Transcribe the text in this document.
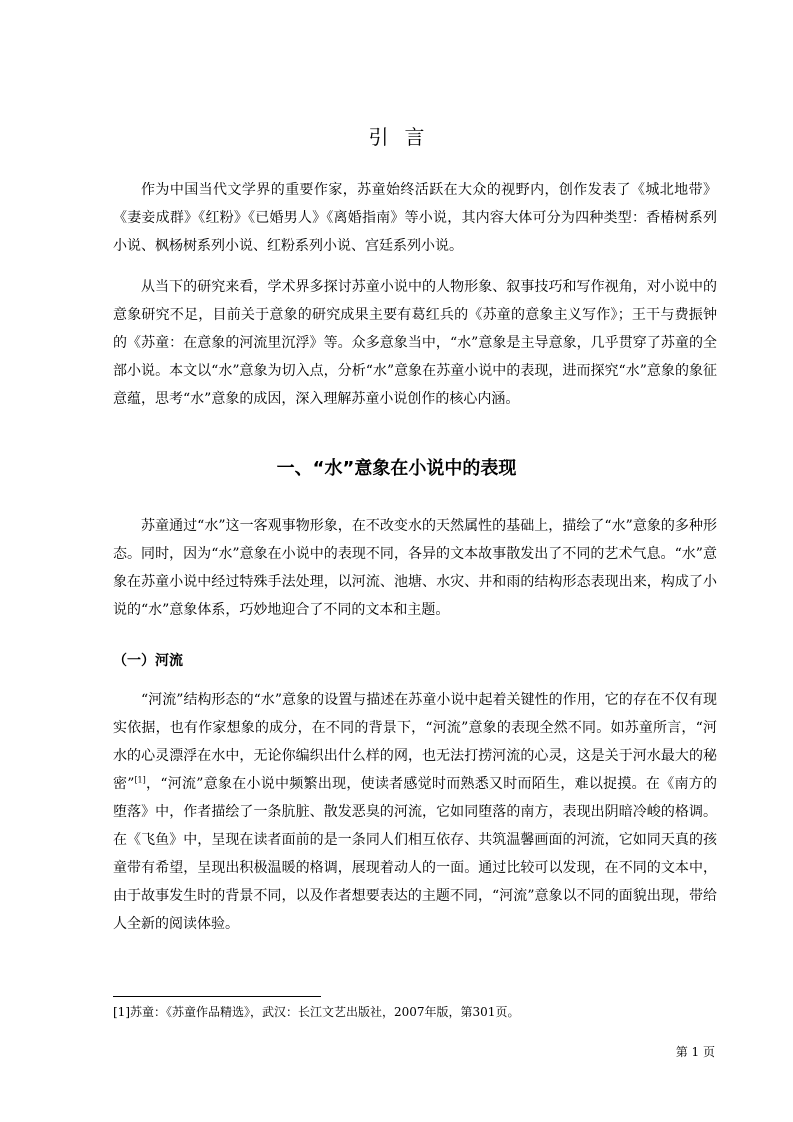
引言

作为中国当代文学界的重要作家，苏童始终活跃在大众的视野内，创作发表了《城北地带》《妻妾成群》《红粉》《已婚男人》《离婚指南》等小说，其内容大体可分为四种类型：香椿树系列小说、枫杨树系列小说、红粉系列小说、宫廷系列小说。

从当下的研究来看，学术界多探讨苏童小说中的人物形象、叙事技巧和写作视角，对小说中的意象研究不足，目前关于意象的研究成果主要有葛红兵的《苏童的意象主义写作》；王干与费振钟的《苏童：在意象的河流里沉浮》等。众多意象当中，“水”意象是主导意象，几乎贯穿了苏童的全部小说。本文以“水”意象为切入点，分析“水”意象在苏童小说中的表现，进而探究“水”意象的象征意蕴，思考“水”意象的成因，深入理解苏童小说创作的核心内涵。

一、“水”意象在小说中的表现

苏童通过“水”这一客观事物形象，在不改变水的天然属性的基础上，描绘了“水”意象的多种形态。同时，因为“水”意象在小说中的表现不同，各异的文本故事散发出了不同的艺术气息。“水”意象在苏童小说中经过特殊手法处理，以河流、池塘、水灾、井和雨的结构形态表现出来，构成了小说的“水”意象体系，巧妙地迎合了不同的文本和主题。

（一）河流

“河流”结构形态的“水”意象的设置与描述在苏童小说中起着关键性的作用，它的存在不仅有现实依据，也有作家想象的成分，在不同的背景下，“河流”意象的表现全然不同。如苏童所言，“河水的心灵漂浮在水中，无论你编织出什么样的网，也无法打捞河流的心灵，这是关于河水最大的秘密”[1]，“河流”意象在小说中频繁出现，使读者感觉时而熟悉又时而陌生，难以捉摸。在《南方的堕落》中，作者描绘了一条肮脏、散发恶臭的河流，它如同堕落的南方，表现出阴暗冷峻的格调。在《飞鱼》中，呈现在读者面前的是一条同人们相互依存、共筑温馨画面的河流，它如同天真的孩童带有希望，呈现出积极温暖的格调，展现着动人的一面。通过比较可以发现，在不同的文本中，由于故事发生时的背景不同，以及作者想要表达的主题不同，“河流”意象以不同的面貌出现，带给人全新的阅读体验。

[1]苏童：《苏童作品精选》，武汉：长江文艺出版社，2007年版，第301页。
第 1 页
